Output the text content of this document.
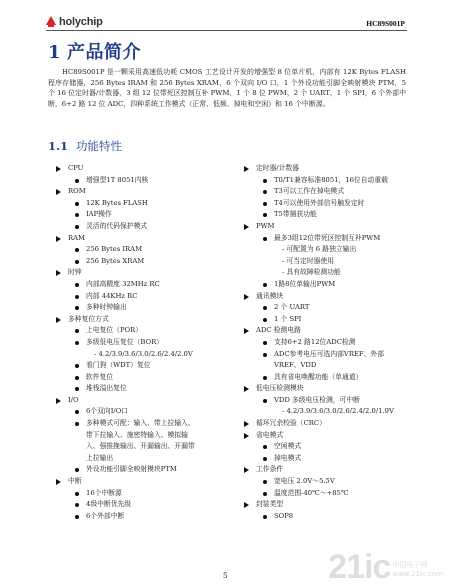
holychip	HC89S001P
1 产品简介
HC89S001P 是一颗采用高速低功耗 CMOS 工艺设计开发的增强型 8 位单片机，内部有 12K Bytes FLASH 程序存储器，256 Bytes IRAM 和 256 Bytes XRAM，6 个双向 I/O 口，1 个外设功能引脚全映射模块 PTM，5 个 16 位定时器/计数器，3 组 12 位带死区控制互补 PWM，1 个 8 位 PWM，2 个 UART，1 个 SPI，6 个外部中断，6+2 路 12 位 ADC，四种系统工作模式（正常、低频、掉电和空闲）和 16 个中断源。
1.1 功能特性
CPU
增强型1T 8051内核
ROM
12K Bytes FLASH
IAP操作
灵活的代码保护模式
RAM
256 Bytes IRAM
256 Bytes XRAM
时钟
内部高精度 32MHz RC
内部 44KHz RC
多种时钟输出
多种复位方式
上电复位（POR）
多级低电压复位（BOR）
- 4.2/3.9/3.6/3.0/2.6/2.4/2.0V
看门狗（WDT）复位
软件复位
堆栈溢出复位
I/O
6个双向I/O口
多种模式可配：输入、带上拉输入、
带下拉输入、施密特输入、模拟输
入、强推挽输出、开漏输出、开漏带
上拉输出
外设功能引脚全映射模块PTM
中断
16个中断源
4级中断优先级
6个外部中断
定时器/计数器
T0/T1兼容标准8051，16位自动重载
T3可以工作在掉电模式
T4可以使用外部信号触发定时
T5带捕获功能
PWM
最多3组12位带死区控制互补PWM
- 可配置为 6 路独立输出
- 可当定时器使用
- 具有故障检测功能
1路8位单输出PWM
通讯模块
2 个 UART
1 个 SPI
ADC 检测电路
支持6+2 路12位ADC检测
ADC参考电压可选内部VREF、外部
VREF、VDD
具有省电唤醒功能（单通道）
低电压检测模块
VDD 多级电压检测，可中断
- 4.2/3.9/3.6/3.0/2.6/2.4/2.0/1.9V
循环冗余校验（CRC）
省电模式
空闲模式
掉电模式
工作条件
宽电压 2.0V～5.5V
温度范围-40℃～+85℃
封装类型
SOP8
5	21ic 中国电子网
www.21ic.com
